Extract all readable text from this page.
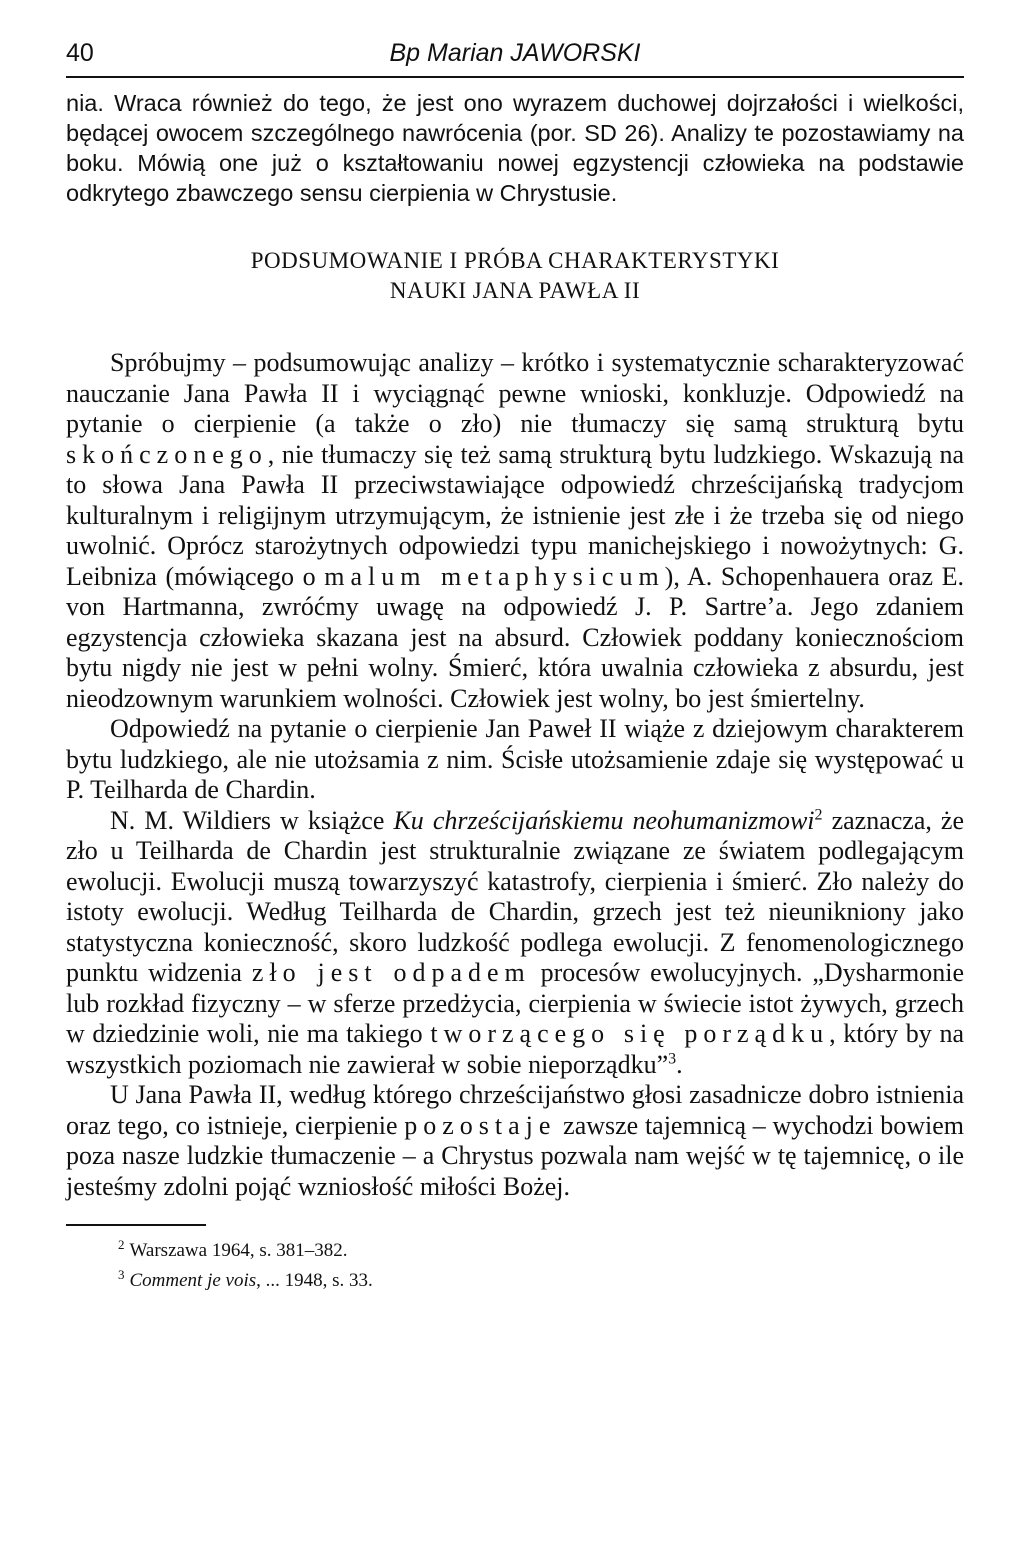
40	Bp Marian JAWORSKI

nia. Wraca również do tego, że jest ono wyrazem duchowej dojrzałości i wielkości, będącej owocem szczególnego nawrócenia (por. SD 26). Analizy te pozostawiamy na boku. Mówią one już o kształtowaniu nowej egzystencji człowieka na podstawie odkrytego zbawczego sensu cierpienia w Chrystusie.

PODSUMOWANIE I PRÓBA CHARAKTERYSTYKI
NAUKI JANA PAWŁA II

Spróbujmy – podsumowując analizy – krótko i systematycznie scharakteryzować nauczanie Jana Pawła II i wyciągnąć pewne wnioski, konkluzje. Odpowiedź na pytanie o cierpienie (a także o zło) nie tłumaczy się samą strukturą bytu skończonego, nie tłumaczy się też samą strukturą bytu ludzkiego. Wskazują na to słowa Jana Pawła II przeciwstawiające odpowiedź chrześcijańską tradycjom kulturalnym i religijnym utrzymującym, że istnienie jest złe i że trzeba się od niego uwolnić. Oprócz starożytnych odpowiedzi typu manichejskiego i nowożytnych: G. Leibniza (mówiącego o malum metaphysicum), A. Schopenhauera oraz E. von Hartmanna, zwróćmy uwagę na odpowiedź J. P. Sartre’a. Jego zdaniem egzystencja człowieka skazana jest na absurd. Człowiek poddany koniecznościom bytu nigdy nie jest w pełni wolny. Śmierć, która uwalnia człowieka z absurdu, jest nieodzownym warunkiem wolności. Człowiek jest wolny, bo jest śmiertelny.

Odpowiedź na pytanie o cierpienie Jan Paweł II wiąże z dziejowym charakterem bytu ludzkiego, ale nie utożsamia z nim. Ścisłe utożsamienie zdaje się występować u P. Teilharda de Chardin.

N. M. Wildiers w książce Ku chrześcijańskiemu neohumanizmowi$^2$ zaznacza, że zło u Teilharda de Chardin jest strukturalnie związane ze światem podlegającym ewolucji. Ewolucji muszą towarzyszyć katastrofy, cierpienia i śmierć. Zło należy do istoty ewolucji. Według Teilharda de Chardin, grzech jest też nieunikniony jako statystyczna konieczność, skoro ludzkość podlega ewolucji. Z fenomenologicznego punktu widzenia zło jest odpadem procesów ewolucyjnych. „Dysharmonie lub rozkład fizyczny – w sferze przedżycia, cierpienia w świecie istot żywych, grzech w dziedzinie woli, nie ma takiego tworzącego się porządku, który by na wszystkich poziomach nie zawierał w sobie nieporządku”$^3$.

U Jana Pawła II, według którego chrześcijaństwo głosi zasadnicze dobro istnienia oraz tego, co istnieje, cierpienie pozostaje zawsze tajemnicą – wychodzi bowiem poza nasze ludzkie tłumaczenie – a Chrystus pozwala nam wejść w tę tajemnicę, o ile jesteśmy zdolni pojąć wzniosłość miłości Bożej.

$^2$ Warszawa 1964, s. 381–382.
$^3$ Comment je vois, ... 1948, s. 33.
